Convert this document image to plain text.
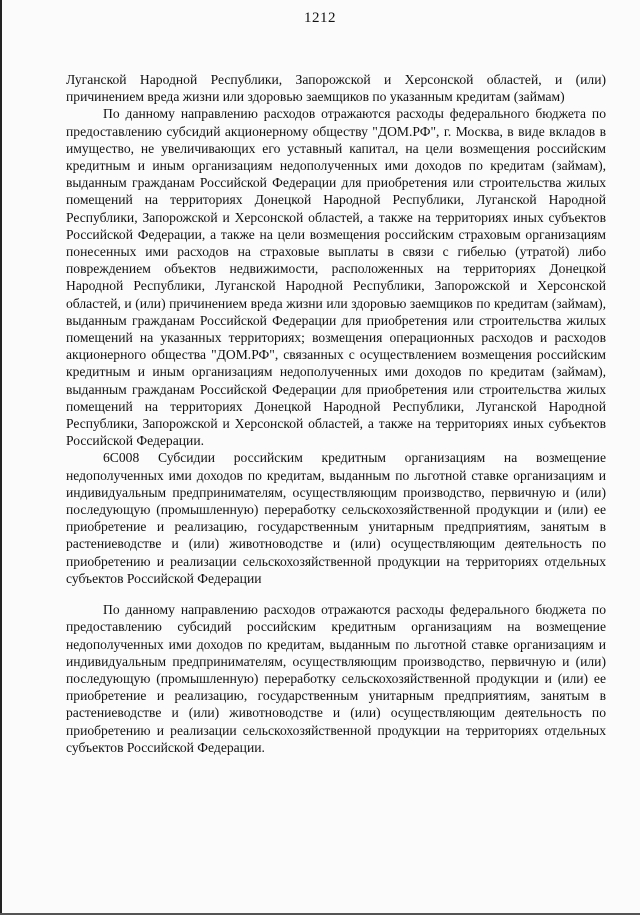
1212

Луганской Народной Республики, Запорожской и Херсонской областей, и (или) причинением вреда жизни или здоровью заемщиков по указанным кредитам (займам)

По данному направлению расходов отражаются расходы федерального бюджета по предоставлению субсидий акционерному обществу "ДОМ.РФ", г. Москва, в виде вкладов в имущество, не увеличивающих его уставный капитал, на цели возмещения российским кредитным и иным организациям недополученных ими доходов по кредитам (займам), выданным гражданам Российской Федерации для приобретения или строительства жилых помещений на территориях Донецкой Народной Республики, Луганской Народной Республики, Запорожской и Херсонской областей, а также на территориях иных субъектов Российской Федерации, а также на цели возмещения российским страховым организациям понесенных ими расходов на страховые выплаты в связи с гибелью (утратой) либо повреждением объектов недвижимости, расположенных на территориях Донецкой Народной Республики, Луганской Народной Республики, Запорожской и Херсонской областей, и (или) причинением вреда жизни или здоровью заемщиков по кредитам (займам), выданным гражданам Российской Федерации для приобретения или строительства жилых помещений на указанных территориях; возмещения операционных расходов и расходов акционерного общества "ДОМ.РФ", связанных с осуществлением возмещения российским кредитным и иным организациям недополученных ими доходов по кредитам (займам), выданным гражданам Российской Федерации для приобретения или строительства жилых помещений на территориях Донецкой Народной Республики, Луганской Народной Республики, Запорожской и Херсонской областей, а также на территориях иных субъектов Российской Федерации.

6С008 Субсидии российским кредитным организациям на возмещение недополученных ими доходов по кредитам, выданным по льготной ставке организациям и индивидуальным предпринимателям, осуществляющим производство, первичную и (или) последующую (промышленную) переработку сельскохозяйственной продукции и (или) ее приобретение и реализацию, государственным унитарным предприятиям, занятым в растениеводстве и (или) животноводстве и (или) осуществляющим деятельность по приобретению и реализации сельскохозяйственной продукции на территориях отдельных субъектов Российской Федерации

По данному направлению расходов отражаются расходы федерального бюджета по предоставлению субсидий российским кредитным организациям на возмещение недополученных ими доходов по кредитам, выданным по льготной ставке организациям и индивидуальным предпринимателям, осуществляющим производство, первичную и (или) последующую (промышленную) переработку сельскохозяйственной продукции и (или) ее приобретение и реализацию, государственным унитарным предприятиям, занятым в растениеводстве и (или) животноводстве и (или) осуществляющим деятельность по приобретению и реализации сельскохозяйственной продукции на территориях отдельных субъектов Российской Федерации.
